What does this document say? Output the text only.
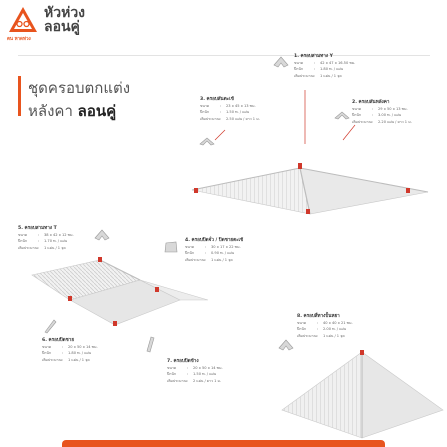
หัวห่วง
ลอนคู่
ตน หาดห่วง
ชุดครอบตกแต่ง
หลังคา ลอนคู่
1. ครอบสามทาง Y
ขนาด	: 42 x 47 x 16.50 ซม.
ปีกนัก	: 1.80 ท. / แผ่น
เติมประมาณ: 1 แผ่น / 1 จุด
2. ครอบสันหลังคา
ขนาด	: 29 x 50 x 13 ซม.
ปีกนัก	: 3.00 ท. / แผ่น
เติมประมาณ: 2.20 แผ่น / ยาว 1 ม.
3. ครอบสันตะเข้
ขนาด	: 23 x 45 x 13 ซม.
ปีกนัก	: 1.50 ท. / แผ่น
เติมประมาณ: 2.50 แผ่น / ยาว 1 ม.
4. ครอบปิดจั่ว / ปิดชายตะเข้
ขนาด	: 30 x 17 x 22 ซม.
ปีกนัก	: 0.90 ท. / แผ่น
เติมประมาณ: 1 แผ่น / 1 จุด
5. ครอบสามทาง T
ขนาด	: 38 x 42 x 12 ซม.
ปีกนัก	: 1.70 ท. / แผ่น
เติมประมาณ: 1 แผ่น / 1 จุด
6. ครอบปิดชาย
ขนาด	: 20 x 50 x 14 ซม.
ปีกนัก	: 1.80 ท. / แผ่น
เติมประมาณ: 1 แผ่น / 1 จุด	7. ครอบปิดข้าง
ขนาด	: 20 x 50 x 14 ซม.
ปีกนัก	: 1.50 ท. / แผ่น
เติมประมาณ: 2 แผ่น / ยาว 1 ม.
8. ครอบสี่ทางปั้นหยา
ขนาด	: 40 x 40 x 21 ซม.
ปีกนัก	: 2.00 ท. / แผ่น
เติมประมาณ: 1 แผ่น / 1 จุด
